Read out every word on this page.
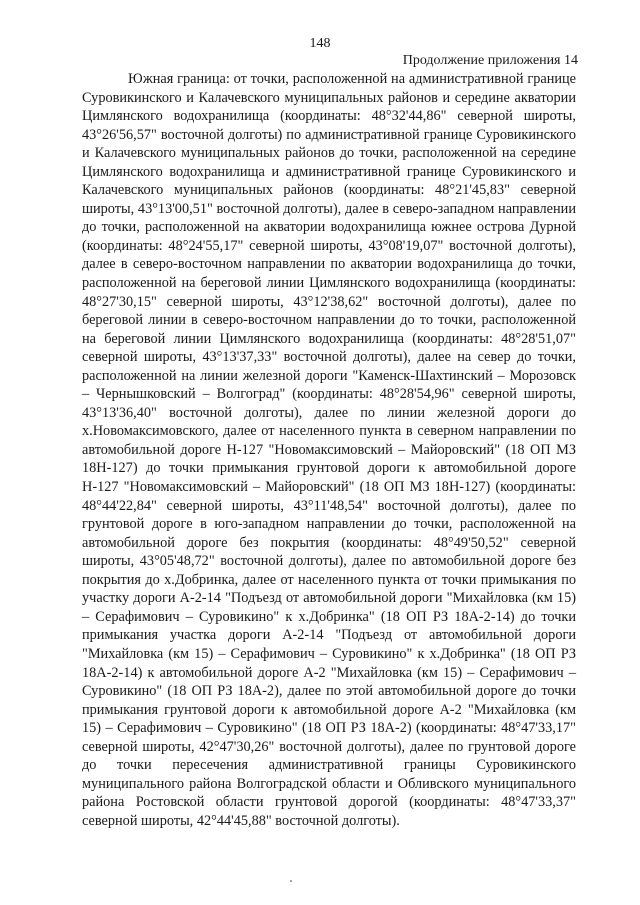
148
Продолжение приложения 14

Южная граница: от точки, расположенной на административной границе Суровикинского и Калачевского муниципальных районов и середине акватории Цимлянского водохранилища (координаты: 48°32'44,86" северной широты, 43°26'56,57" восточной долготы) по административной границе Суровикинского и Калачевского муниципальных районов до точки, расположенной на середине Цимлянского водохранилища и административной границе Суровикинского и Калачевского муниципальных районов (координаты: 48°21'45,83" северной широты, 43°13'00,51" восточной долготы), далее в северо-западном направлении до точки, расположенной на акватории водохранилища южнее острова Дурной (координаты: 48°24'55,17" северной широты, 43°08'19,07" восточной долготы), далее в северо-восточном направлении по акватории водохранилища до точки, расположенной на береговой линии Цимлянского водохранилища (координаты: 48°27'30,15" северной широты, 43°12'38,62" восточной долготы), далее по береговой линии в северо-восточном направлении до то точки, расположенной на береговой линии Цимлянского водохранилища (координаты: 48°28'51,07" северной широты, 43°13'37,33" восточной долготы), далее на север до точки, расположенной на линии железной дороги "Каменск-Шахтинский – Морозовск – Чернышковский – Волгоград" (координаты: 48°28'54,96" северной широты, 43°13'36,40" восточной долготы), далее по линии железной дороги до х.Новомаксимовского, далее от населенного пункта в северном направлении по автомобильной дороге Н-127 "Новомаксимовский – Майоровский" (18 ОП МЗ 18Н-127) до точки примыкания грунтовой дороги к автомобильной дороге Н-127 "Новомаксимовский – Майоровский" (18 ОП МЗ 18Н-127) (координаты: 48°44'22,84" северной широты, 43°11'48,54" восточной долготы), далее по грунтовой дороге в юго-западном направлении до точки, расположенной на автомобильной дороге без покрытия (координаты: 48°49'50,52" северной широты, 43°05'48,72" восточной долготы), далее по автомобильной дороге без покрытия до х.Добринка, далее от населенного пункта от точки примыкания по участку дороги А-2-14 "Подъезд от автомобильной дороги "Михайловка (км 15) – Серафимович – Суровикино" к х.Добринка" (18 ОП РЗ 18А-2-14) до точки примыкания участка дороги А-2-14 "Подъезд от автомобильной дороги "Михайловка (км 15) – Серафимович – Суровикино" к х.Добринка" (18 ОП РЗ 18А-2-14) к автомобильной дороге А-2 "Михайловка (км 15) – Серафимович – Суровикино" (18 ОП РЗ 18А-2), далее по этой автомобильной дороге до точки примыкания грунтовой дороги к автомобильной дороге А-2 "Михайловка (км 15) – Серафимович – Суровикино" (18 ОП РЗ 18А-2) (координаты: 48°47'33,17" северной широты, 42°47'30,26" восточной долготы), далее по грунтовой дороге до точки пересечения административной границы Суровикинского муниципального района Волгоградской области и Обливского муниципального района Ростовской области грунтовой дорогой (координаты: 48°47'33,37" северной широты, 42°44'45,88" восточной долготы).
